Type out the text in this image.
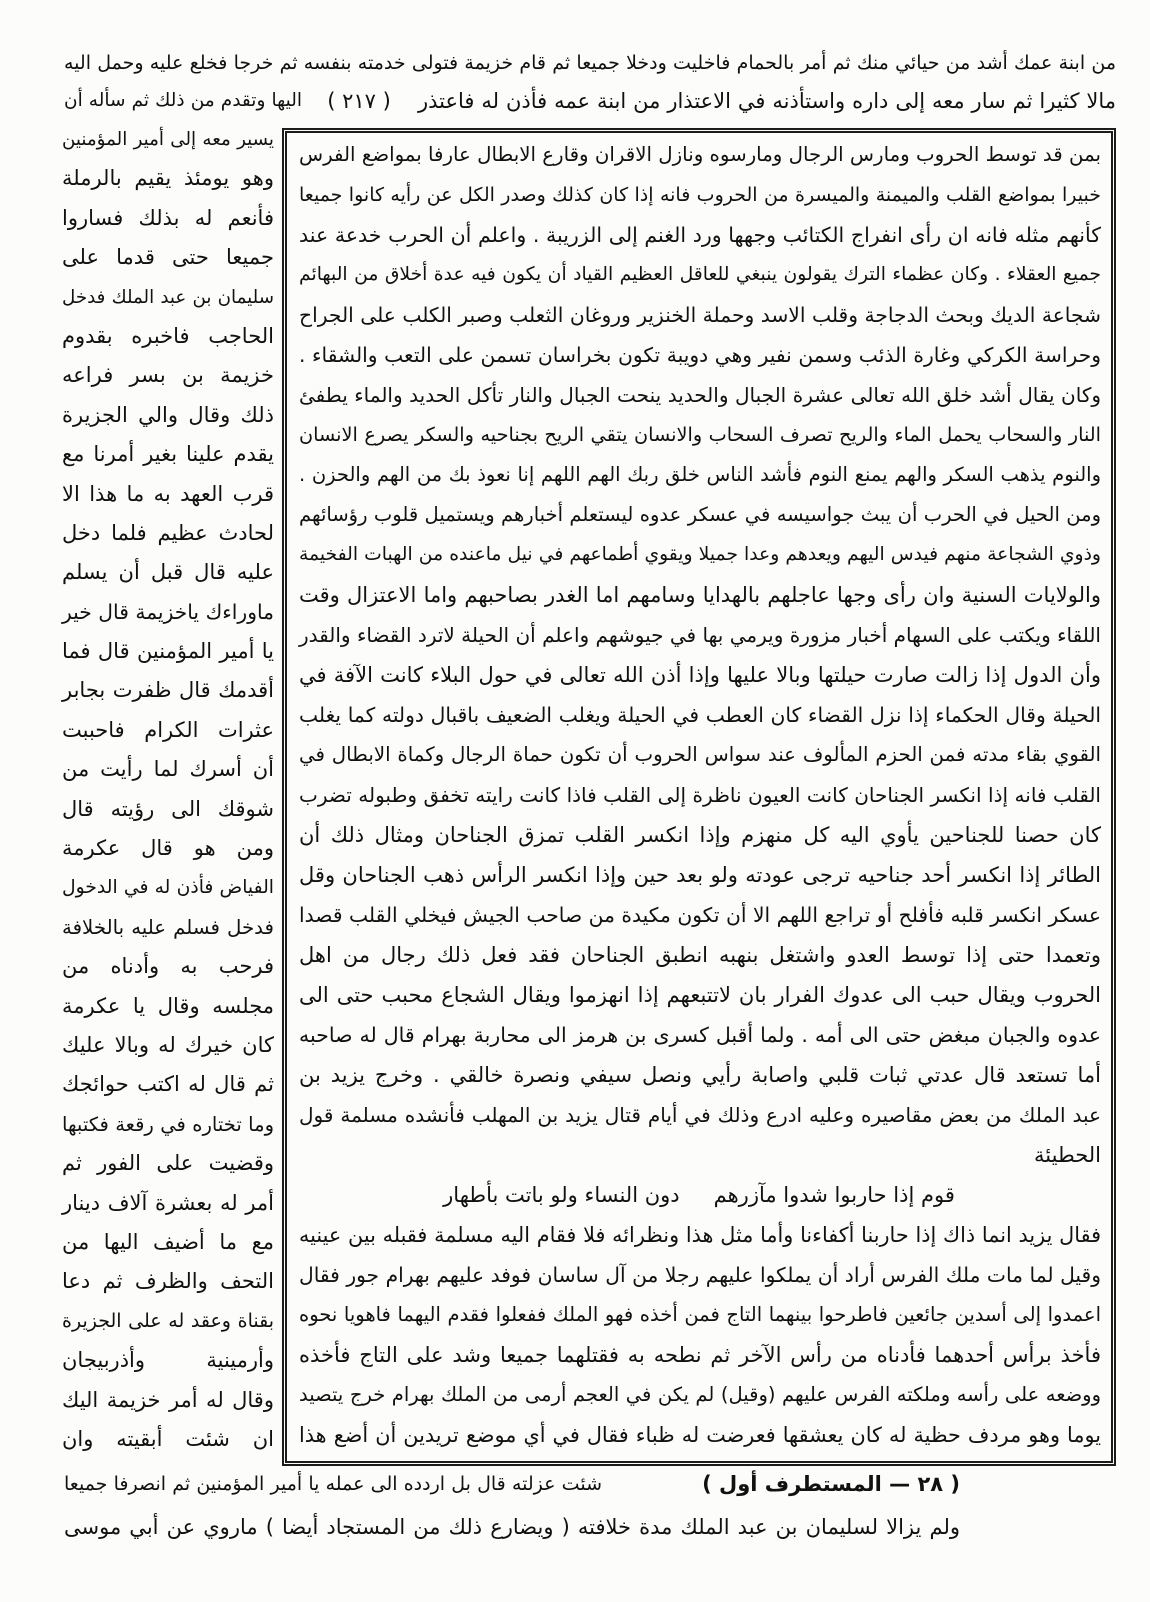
من ابنة عمك أشد من حيائي منك ثم أمر بالحمام فاخليت ودخلا جميعا ثم قام خزيمة فتولى خدمته بنفسه ثم خرجا فخلع عليه وحمل اليه
مالا كثيرا ثم سار معه إلى داره واستأذنه في الاعتذار من ابنة عمه فأذن له فاعتذر
( ٢١٧ )
اليها وتقدم من ذلك ثم سأله أن
بمن قد توسط الحروب ومارس الرجال ومارسوه ونازل الاقران وقارع الابطال عارفا بمواضع الفرس
خبيرا بمواضع القلب والميمنة والميسرة من الحروب فانه إذا كان كذلك وصدر الكل عن رأيه كانوا جميعا
كأنهم مثله فانه ان رأى انفراج الكتائب وجهها ورد الغنم إلى الزريبة . واعلم أن الحرب خدعة عند
جميع العقلاء . وكان عظماء الترك يقولون ينبغي للعاقل العظيم القياد أن يكون فيه عدة أخلاق من البهائم
شجاعة الديك وبحث الدجاجة وقلب الاسد وحملة الخنزير وروغان الثعلب وصبر الكلب على الجراح
وحراسة الكركي وغارة الذئب وسمن نفير وهي دويبة تكون بخراسان تسمن على التعب والشقاء .
وكان يقال أشد خلق الله تعالى عشرة الجبال والحديد ينحت الجبال والنار تأكل الحديد والماء يطفئ
النار والسحاب يحمل الماء والريح تصرف السحاب والانسان يتقي الريح بجناحيه والسكر يصرع الانسان
والنوم يذهب السكر والهم يمنع النوم فأشد الناس خلق ربك الهم اللهم إنا نعوذ بك من الهم والحزن .
ومن الحيل في الحرب أن يبث جواسيسه في عسكر عدوه ليستعلم أخبارهم ويستميل قلوب رؤسائهم
وذوي الشجاعة منهم فيدس اليهم ويعدهم وعدا جميلا ويقوي أطماعهم في نيل ماعنده من الهبات الفخيمة
والولايات السنية وان رأى وجها عاجلهم بالهدايا وسامهم اما الغدر بصاحبهم واما الاعتزال وقت
اللقاء ويكتب على السهام أخبار مزورة ويرمي بها في جيوشهم واعلم أن الحيلة لاترد القضاء والقدر
وأن الدول إذا زالت صارت حيلتها وبالا عليها وإذا أذن الله تعالى في حول البلاء كانت الآفة في
الحيلة وقال الحكماء إذا نزل القضاء كان العطب في الحيلة ويغلب الضعيف باقبال دولته كما يغلب
القوي بقاء مدته فمن الحزم المألوف عند سواس الحروب أن تكون حماة الرجال وكماة الابطال في
القلب فانه إذا انكسر الجناحان كانت العيون ناظرة إلى القلب فاذا كانت رايته تخفق وطبوله تضرب
كان حصنا للجناحين يأوي اليه كل منهزم وإذا انكسر القلب تمزق الجناحان ومثال ذلك أن
الطائر إذا انكسر أحد جناحيه ترجى عودته ولو بعد حين وإذا انكسر الرأس ذهب الجناحان وقل
عسكر انكسر قلبه فأفلح أو تراجع اللهم الا أن تكون مكيدة من صاحب الجيش فيخلي القلب قصدا
وتعمدا حتى إذا توسط العدو واشتغل بنهبه انطبق الجناحان فقد فعل ذلك رجال من اهل
الحروب ويقال حبب الى عدوك الفرار بان لاتتبعهم إذا انهزموا ويقال الشجاع محبب حتى الى
عدوه والجبان مبغض حتى الى أمه . ولما أقبل كسرى بن هرمز الى محاربة بهرام قال له صاحبه
أما تستعد قال عدتي ثبات قلبي واصابة رأيي ونصل سيفي ونصرة خالقي . وخرج يزيد بن
عبد الملك من بعض مقاصيره وعليه ادرع وذلك في أيام قتال يزيد بن المهلب فأنشده مسلمة قول
الحطيئة
قوم إذا حاربوا شدوا مآزرهم
دون النساء ولو باتت بأطهار
فقال يزيد انما ذاك إذا حاربنا أكفاءنا وأما مثل هذا ونظرائه فلا فقام اليه مسلمة فقبله بين عينيه
وقيل لما مات ملك الفرس أراد أن يملكوا عليهم رجلا من آل ساسان فوفد عليهم بهرام جور فقال
اعمدوا إلى أسدين جائعين فاطرحوا بينهما التاج فمن أخذه فهو الملك ففعلوا فقدم اليهما فاهويا نحوه
فأخذ برأس أحدهما فأدناه من رأس الآخر ثم نطحه به فقتلهما جميعا وشد على التاج فأخذه
ووضعه على رأسه وملكته الفرس عليهم (وقيل) لم يكن في العجم أرمى من الملك بهرام خرج يتصيد
يوما وهو مردف حظية له كان يعشقها فعرضت له ظباء فقال في أي موضع تريدين أن أضع هذا
يسير معه إلى أمير المؤمنين
وهو يومئذ يقيم بالرملة
فأنعم له بذلك فساروا
جميعا حتى قدما على
سليمان بن عبد الملك فدخل
الحاجب فاخبره بقدوم
خزيمة بن بسر فراعه
ذلك وقال والي الجزيرة
يقدم علينا بغير أمرنا مع
قرب العهد به ما هذا الا
لحادث عظيم فلما دخل
عليه قال قبل أن يسلم
ماوراءك ياخزيمة قال خير
يا أمير المؤمنين قال فما
أقدمك قال ظفرت بجابر
عثرات الكرام فاحببت
أن أسرك لما رأيت من
شوقك الى رؤيته قال
ومن هو قال عكرمة
الفياض فأذن له في الدخول
فدخل فسلم عليه بالخلافة
فرحب به وأدناه من
مجلسه وقال يا عكرمة
كان خيرك له وبالا عليك
ثم قال له اكتب حوائجك
وما تختاره في رقعة فكتبها
وقضيت على الفور ثم
أمر له بعشرة آلاف دينار
مع ما أضيف اليها من
التحف والظرف ثم دعا
بقناة وعقد له على الجزيرة
وأرمينية وأذربيجان
وقال له أمر خزيمة اليك
ان شئت أبقيته وان
( ٢٨ — المستطرف أول )
شئت عزلته قال بل اردده الى عمله يا أمير المؤمنين ثم انصرفا جميعا
ولم يزالا لسليمان بن عبد الملك مدة خلافته ( ويضارع ذلك من المستجاد أيضا ) ماروي عن أبي موسى
